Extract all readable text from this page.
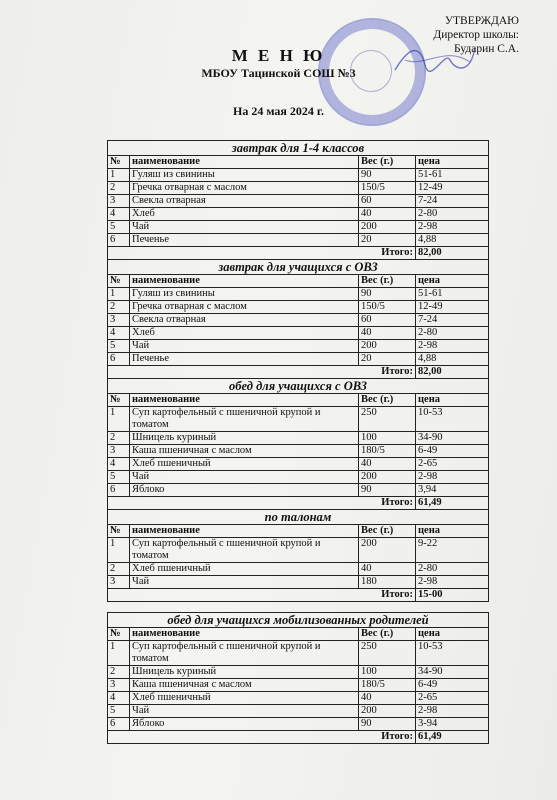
УТВЕРЖДАЮ
Директор школы:
Бударин С.А.
М Е Н Ю
МБОУ Тацинской СОШ №3
На 24 мая 2024 г.
завтрак для 1-4 классов			
№	наименование	Вес (г.)	цена
1	Гуляш из свинины	90	51-61
2	Гречка отварная с маслом	150/5	12-49
3	Свекла отварная	60	7-24
4	Хлеб	40	2-80
5	Чай	200	2-98
6	Печенье	20	4,88
Итого:			82,00
завтрак для учащихся с ОВЗ			
№	наименование	Вес (г.)	цена
1	Гуляш из свинины	90	51-61
2	Гречка отварная с маслом	150/5	12-49
3	Свекла отварная	60	7-24
4	Хлеб	40	2-80
5	Чай	200	2-98
6	Печенье	20	4,88
Итого:			82,00
обед для учащихся с ОВЗ			
№	наименование	Вес (г.)	цена
1	Суп картофельный с пшеничной крупой и томатом	250	10-53
2	Шницель куриный	100	34-90
3	Каша пшеничная с маслом	180/5	6-49
4	Хлеб пшеничный	40	2-65
5	Чай	200	2-98
6	Яблоко	90	3,94
Итого:			61,49
по талонам			
№	наименование	Вес (г.)	цена
1	Суп картофельный с пшеничной крупой и томатом	200	9-22
2	Хлеб пшеничный	40	2-80
3	Чай	180	2-98
Итого:			15-00

обед для учащихся мобилизованных родителей			
№	наименование	Вес (г.)	цена
1	Суп картофельный с пшеничной крупой и томатом	250	10-53
2	Шницель куриный	100	34-90
3	Каша пшеничная с маслом	180/5	6-49
4	Хлеб пшеничный	40	2-65
5	Чай	200	2-98
6	Яблоко	90	3-94
Итого:			61,49
